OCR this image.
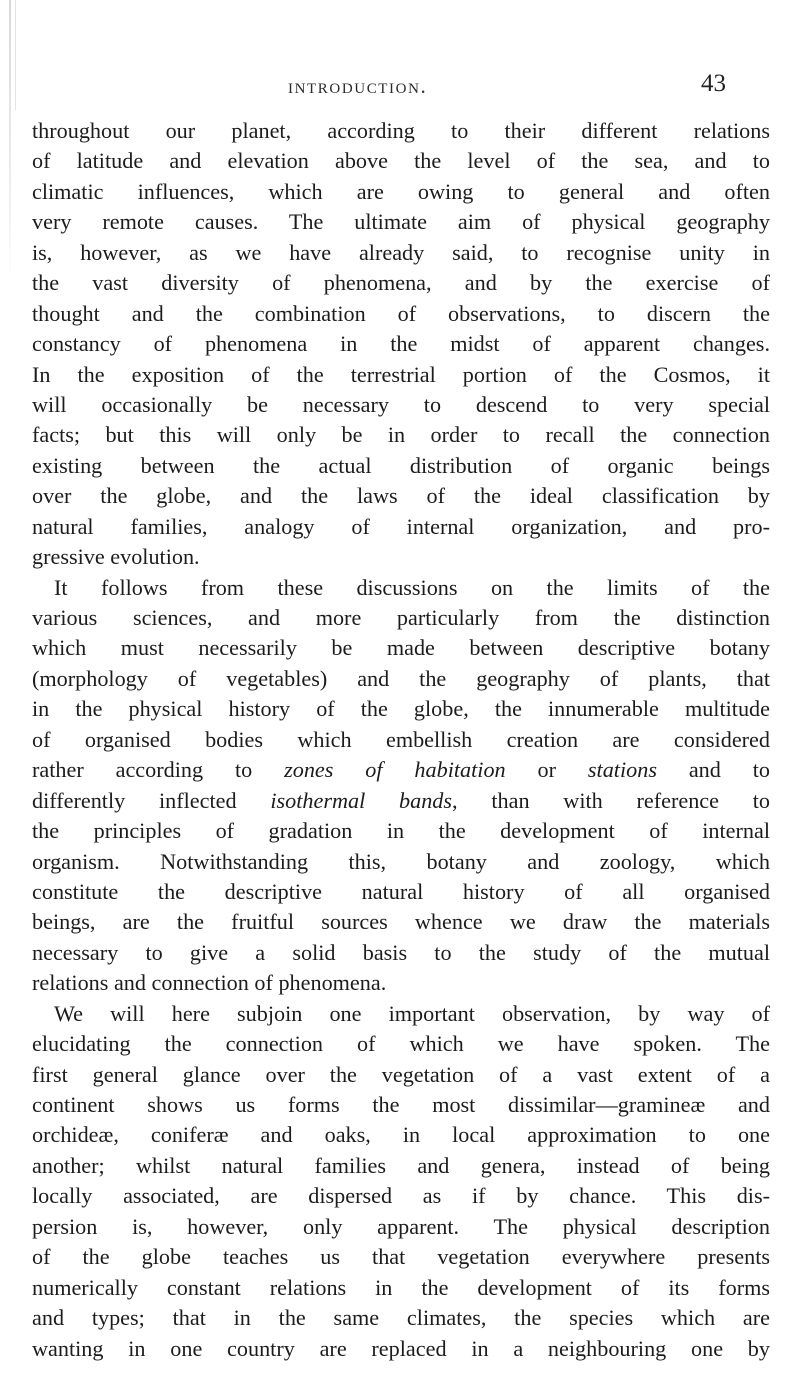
introduction.	43
throughout our planet, according to their different relations
of latitude and elevation above the level of the sea, and to
climatic influences, which are owing to general and often
very remote causes. The ultimate aim of physical geography
is, however, as we have already said, to recognise unity in
the vast diversity of phenomena, and by the exercise of
thought and the combination of observations, to discern the
constancy of phenomena in the midst of apparent changes.
In the exposition of the terrestrial portion of the Cosmos, it
will occasionally be necessary to descend to very special
facts; but this will only be in order to recall the connection
existing between the actual distribution of organic beings
over the globe, and the laws of the ideal classification by
natural families, analogy of internal organization, and pro-
gressive evolution.
It follows from these discussions on the limits of the
various sciences, and more particularly from the distinction
which must necessarily be made between descriptive botany
(morphology of vegetables) and the geography of plants, that
in the physical history of the globe, the innumerable multitude
of organised bodies which embellish creation are considered
rather according to zones of habitation or stations and to
differently inflected isothermal bands, than with reference to
the principles of gradation in the development of internal
organism. Notwithstanding this, botany and zoology, which
constitute the descriptive natural history of all organised
beings, are the fruitful sources whence we draw the materials
necessary to give a solid basis to the study of the mutual
relations and connection of phenomena.
We will here subjoin one important observation, by way of
elucidating the connection of which we have spoken. The
first general glance over the vegetation of a vast extent of a
continent shows us forms the most dissimilar—gramineæ and
orchideæ, coniferæ and oaks, in local approximation to one
another; whilst natural families and genera, instead of being
locally associated, are dispersed as if by chance. This dis-
persion is, however, only apparent. The physical description
of the globe teaches us that vegetation everywhere presents
numerically constant relations in the development of its forms
and types; that in the same climates, the species which are
wanting in one country are replaced in a neighbouring one by
